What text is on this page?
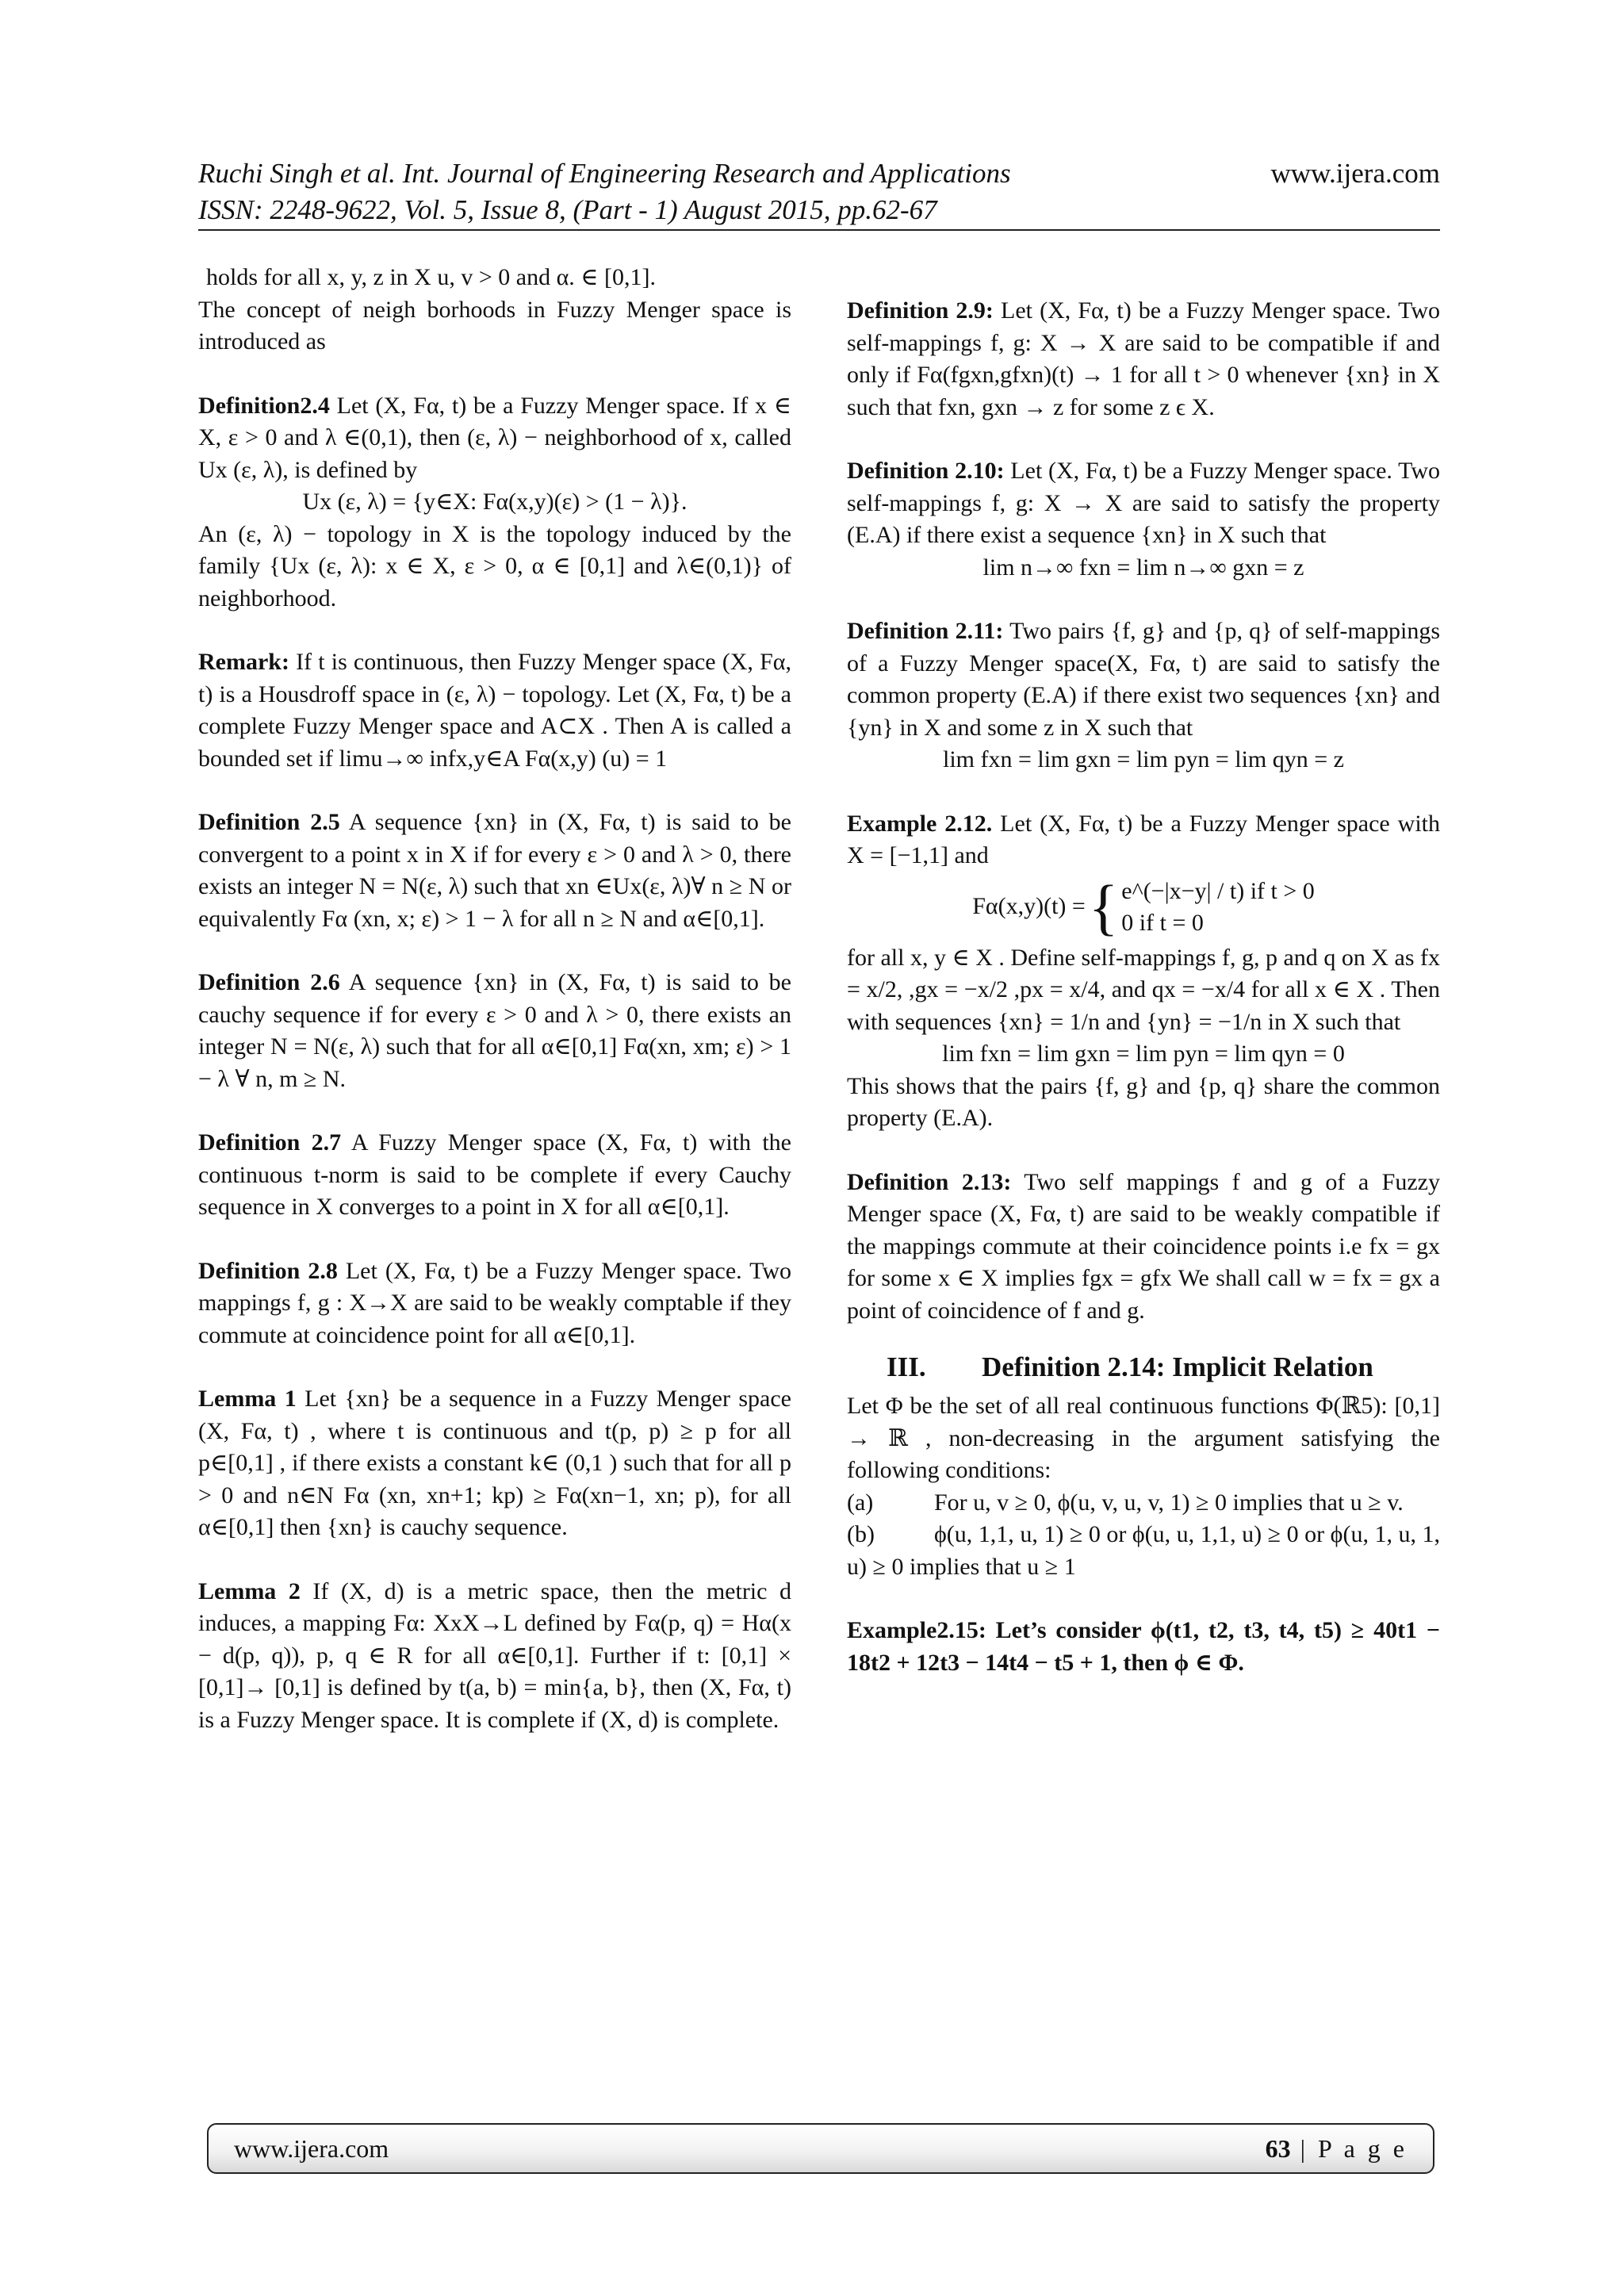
Ruchi Singh et al. Int. Journal of Engineering Research and Applications	www.ijera.com
ISSN: 2248-9622, Vol. 5, Issue 8, (Part - 1) August 2015, pp.62-67

holds for all x, y, z in X u, v > 0 and α. ∈ [0,1].

The concept of neigh borhoods in Fuzzy Menger space is introduced as

Definition2.4 Let (X, Fα, t) be a Fuzzy Menger space. If x ∈ X, ε > 0 and λ ∈(0,1), then (ε, λ) − neighborhood of x, called Ux (ε, λ), is defined by

Ux (ε, λ) = {y∈X: Fα(x,y)(ε) > (1 − λ)}.

An (ε, λ) − topology in X is the topology induced by the family {Ux (ε, λ): x ∈ X, ε > 0, α ∈ [0,1] and λ∈(0,1)} of neighborhood.

Remark: If t is continuous, then Fuzzy Menger space (X, Fα, t) is a Housdroff space in (ε, λ) − topology. Let (X, Fα, t) be a complete Fuzzy Menger space and A⊂X . Then A is called a bounded set if limu→∞ infx,y∈A Fα(x,y) (u) = 1

Definition 2.5 A sequence {xn} in (X, Fα, t) is said to be convergent to a point x in X if for every ε > 0 and λ > 0, there exists an integer N = N(ε, λ) such that xn ∈Ux(ε, λ)∀ n ≥ N or equivalently Fα (xn, x; ε) > 1 − λ for all n ≥ N and α∈[0,1].

Definition 2.6 A sequence {xn} in (X, Fα, t) is said to be cauchy sequence if for every ε > 0 and λ > 0, there exists an integer N = N(ε, λ) such that for all α∈[0,1] Fα(xn, xm; ε) > 1 − λ ∀ n, m ≥ N.

Definition 2.7 A Fuzzy Menger space (X, Fα, t) with the continuous t-norm is said to be complete if every Cauchy sequence in X converges to a point in X for all α∈[0,1].

Definition 2.8 Let (X, Fα, t) be a Fuzzy Menger space. Two mappings f, g : X→X are said to be weakly comptable if they commute at coincidence point for all α∈[0,1].

Lemma 1 Let {xn} be a sequence in a Fuzzy Menger space (X, Fα, t) , where t is continuous and t(p, p) ≥ p for all p∈[0,1] , if there exists a constant k∈ (0,1 ) such that for all p > 0 and n∈N Fα (xn, xn+1; kp) ≥ Fα(xn−1, xn; p), for all α∈[0,1] then {xn} is cauchy sequence.

Lemma 2 If (X, d) is a metric space, then the metric d induces, a mapping Fα: XxX→L defined by Fα(p, q) = Hα(x − d(p, q)), p, q ∈ R for all α∈[0,1]. Further if t: [0,1] × [0,1]→ [0,1] is defined by t(a, b) = min{a, b}, then (X, Fα, t) is a Fuzzy Menger space. It is complete if (X, d) is complete.

Definition 2.9: Let (X, Fα, t) be a Fuzzy Menger space. Two self-mappings f, g: X → X are said to be compatible if and only if Fα(fgxn,gfxn)(t) → 1 for all t > 0 whenever {xn} in X such that fxn, gxn → z for some z ϵ X.

Definition 2.10: Let (X, Fα, t) be a Fuzzy Menger space. Two self-mappings f, g: X → X are said to satisfy the property (E.A) if there exist a sequence {xn} in X such that

lim n→∞ fxn = lim n→∞ gxn = z

Definition 2.11: Two pairs {f, g} and {p, q} of self-mappings of a Fuzzy Menger space(X, Fα, t) are said to satisfy the common property (E.A) if there exist two sequences {xn} and {yn} in X and some z in X such that

lim fxn = lim gxn = lim pyn = lim qyn = z

Example 2.12. Let (X, Fα, t) be a Fuzzy Menger space with X = [−1,1] and

Fα(x,y)(t) = { e^(−|x−y| / t) if t > 0
0 if t = 0

for all x, y ∈ X . Define self-mappings f, g, p and q on X as fx = x/2, ,gx = −x/2 ,px = x/4, and qx = −x/4 for all x ∈ X . Then with sequences {xn} = 1/n and {yn} = −1/n in X such that

lim fxn = lim gxn = lim pyn = lim qyn = 0

This shows that the pairs {f, g} and {p, q} share the common property (E.A).

Definition 2.13: Two self mappings f and g of a Fuzzy Menger space (X, Fα, t) are said to be weakly compatible if the mappings commute at their coincidence points i.e fx = gx for some x ∈ X implies fgx = gfx We shall call w = fx = gx a point of coincidence of f and g.

III.	Definition 2.14: Implicit Relation

Let Φ be the set of all real continuous functions Φ(ℝ5): [0,1] → ℝ , non-decreasing in the argument satisfying the following conditions:

(a)	For u, v ≥ 0, ϕ(u, v, u, v, 1) ≥ 0 implies that u ≥ v.

(b)	ϕ(u, 1,1, u, 1) ≥ 0 or ϕ(u, u, 1,1, u) ≥ 0 or ϕ(u, 1, u, 1, u) ≥ 0 implies that u ≥ 1

Example2.15: Let’s consider ϕ(t1, t2, t3, t4, t5) ≥ 40t1 − 18t2 + 12t3 − 14t4 − t5 + 1, then ϕ ∈ Φ.

www.ijera.com	63 | P a g e
